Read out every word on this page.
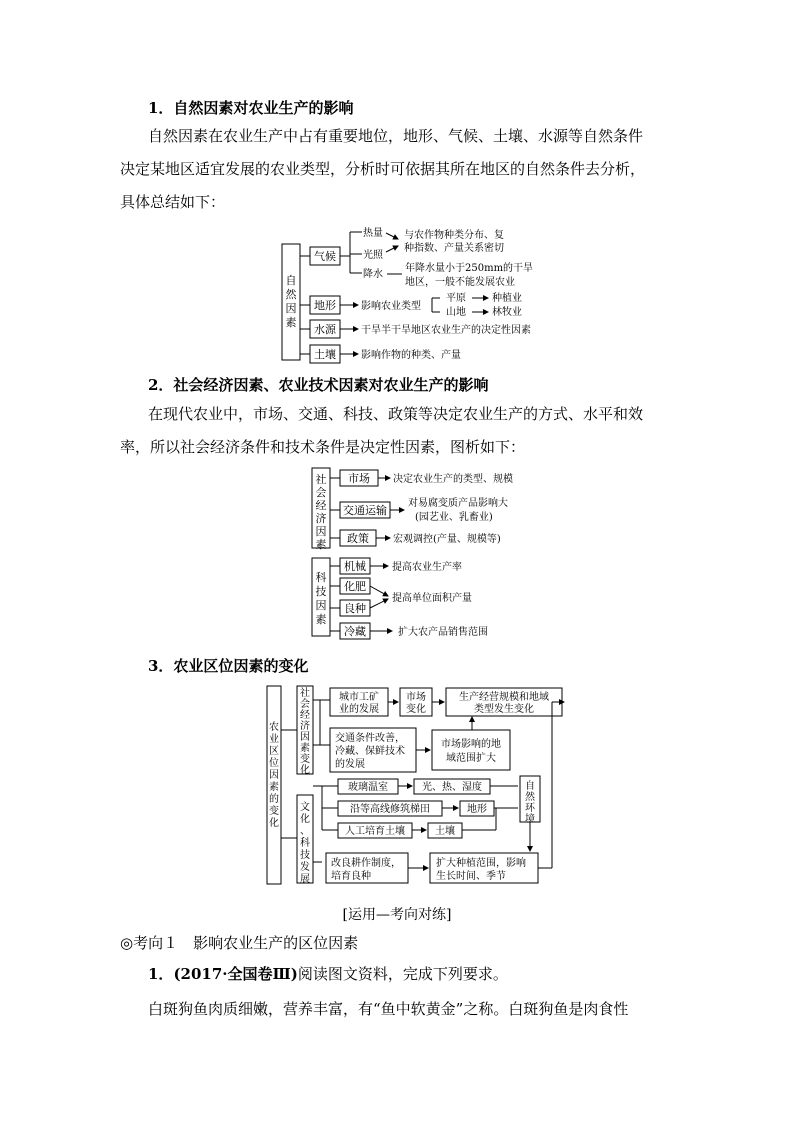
1．自然因素对农业生产的影响
自然因素在农业生产中占有重要地位，地形、气候、土壤、水源等自然条件
决定某地区适宜发展的农业类型，分析时可依据其所在地区的自然条件去分析，
具体总结如下：
自
然
因
素
气候
热量
光照
降水
与农作物种类分布、复
种指数、产量关系密切
年降水量小于250mm的干旱
地区，一般不能发展农业
地形	影响农业类型
平原
山地
种植业
林牧业
水源	干旱半干旱地区农业生产的决定性因素
土壤	影响作物的种类、产量
2．社会经济因素、农业技术因素对农业生产的影响
在现代农业中，市场、交通、科技、政策等决定农业生产的方式、水平和效
率，所以社会经济条件和技术条件是决定性因素，图析如下：
社
会
经
济
因
素
科
技
因
素
市场 决定农业生产的类型、规模
交通运输
对易腐变质产品影响大
(园艺业、乳畜业)
政策 宏观调控(产量、规模等)
机械	提高农业生产率
化肥
良种
提高单位面积产量
冷藏	扩大农产品销售范围
3．农业区位因素的变化
农
业
区
位
因
素
的
变
化
社
会
经
济
因
素
变
化
文
化
、
科
技
发
展
城市工矿
业的发展
市场
变化
生产经营规模和地域
类型发生变化
交通条件改善，
冷藏、保鲜技术
的发展
市场影响的地
域范围扩大
玻璃温室	光、热、湿度
沿等高线修筑梯田	地形
人工培育土壤	土壤
自
然
环
境
改良耕作制度，
培育良种
扩大种植范围，影响
生长时间、季节
[运用—考向对练]
◎考向１　影响农业生产的区位因素
1．(2017·全国卷Ⅲ)阅读图文资料，完成下列要求。
白斑狗鱼肉质细嫩，营养丰富，有“鱼中软黄金”之称。白斑狗鱼是肉食性
